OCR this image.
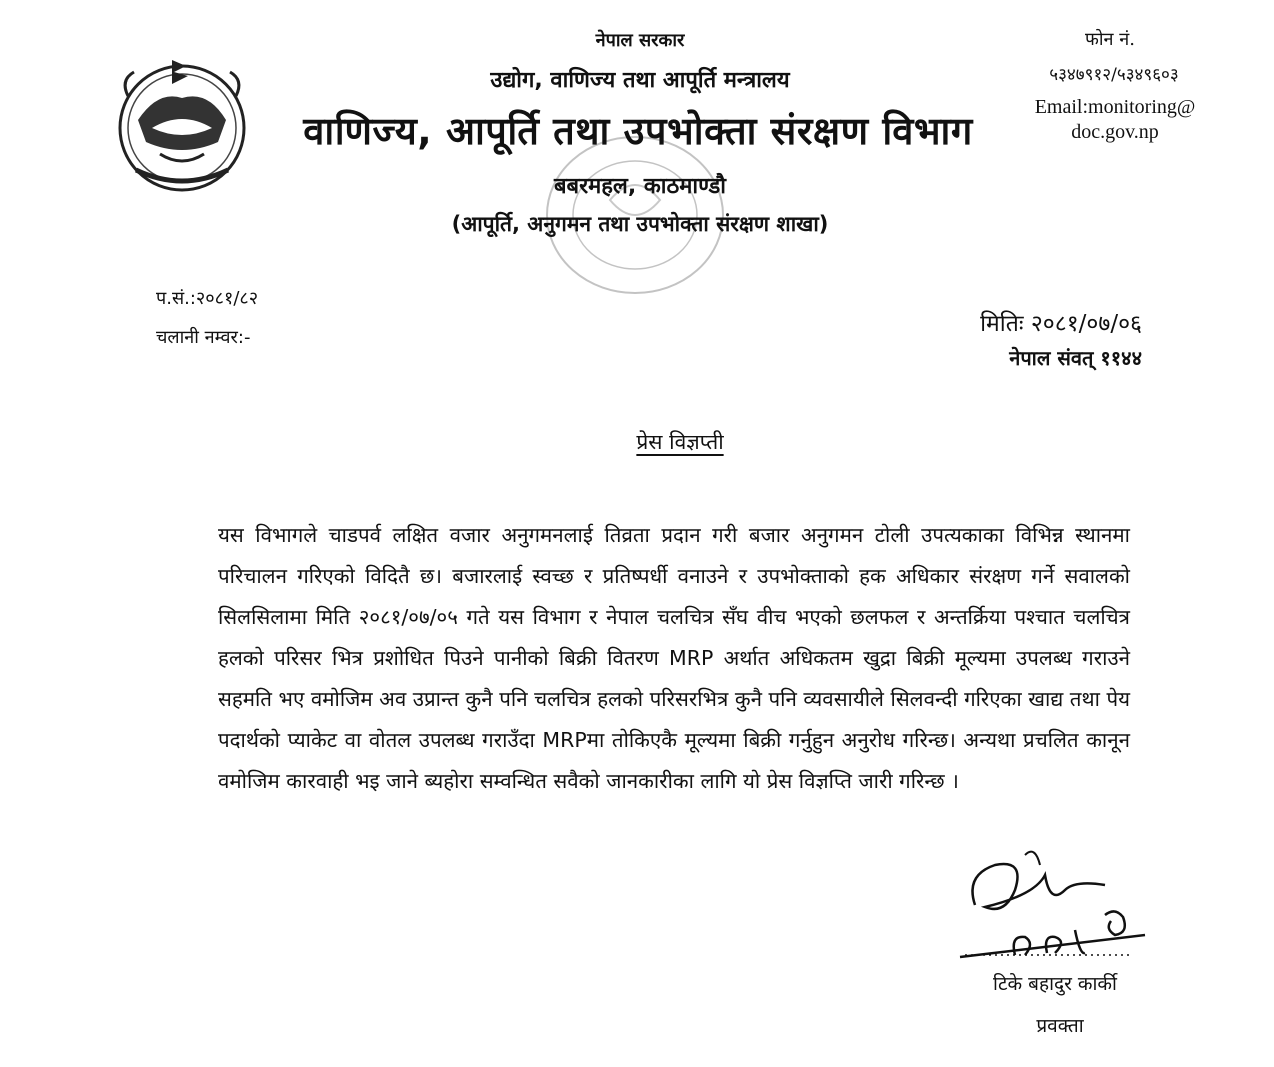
नेपाल सरकार
उद्योग, वाणिज्य तथा आपूर्ति मन्त्रालय
वाणिज्य, आपूर्ति तथा उपभोक्ता संरक्षण विभाग
बबरमहल, काठमाण्डौ
(आपूर्ति, अनुगमन तथा उपभोक्ता संरक्षण शाखा)
फोन नं.
५३४७९१२/५३४९६०३
Email:monitoring@
doc.gov.np
प.सं.:२०८१/८२
चलानी नम्वर:-
मितिः २०८१/०७/०६
नेपाल संवत् ११४४
प्रेस विज्ञप्ती
यस विभागले चाडपर्व लक्षित वजार अनुगमनलाई तिव्रता प्रदान गरी बजार अनुगमन टोली उपत्यकाका विभिन्न स्थानमा परिचालन गरिएको विदितै छ। बजारलाई स्वच्छ र प्रतिष्पर्धी वनाउने र उपभोक्ताको हक अधिकार संरक्षण गर्ने सवालको सिलसिलामा मिति २०८१/०७/०५ गते यस विभाग र नेपाल चलचित्र सँघ वीच भएको छलफल र अन्तर्क्रिया पश्चात चलचित्र हलको परिसर भित्र प्रशोधित पिउने पानीको बिक्री वितरण MRP अर्थात अधिकतम खुद्रा बिक्री मूल्यमा उपलब्ध गराउने सहमति भए वमोजिम अव उप्रान्त कुनै पनि चलचित्र हलको परिसरभित्र कुनै पनि व्यवसायीले सिलवन्दी गरिएका खाद्य तथा पेय पदार्थको प्याकेट वा वोतल उपलब्ध गराउँदा MRPमा तोकिएकै मूल्यमा बिक्री गर्नुहुन अनुरोध गरिन्छ। अन्यथा प्रचलित कानून वमोजिम कारवाही भइ जाने ब्यहोरा सम्वन्धित सवैको जानकारीका लागि यो प्रेस विज्ञप्ति जारी गरिन्छ ।
टिके बहादुर कार्की
प्रवक्ता
